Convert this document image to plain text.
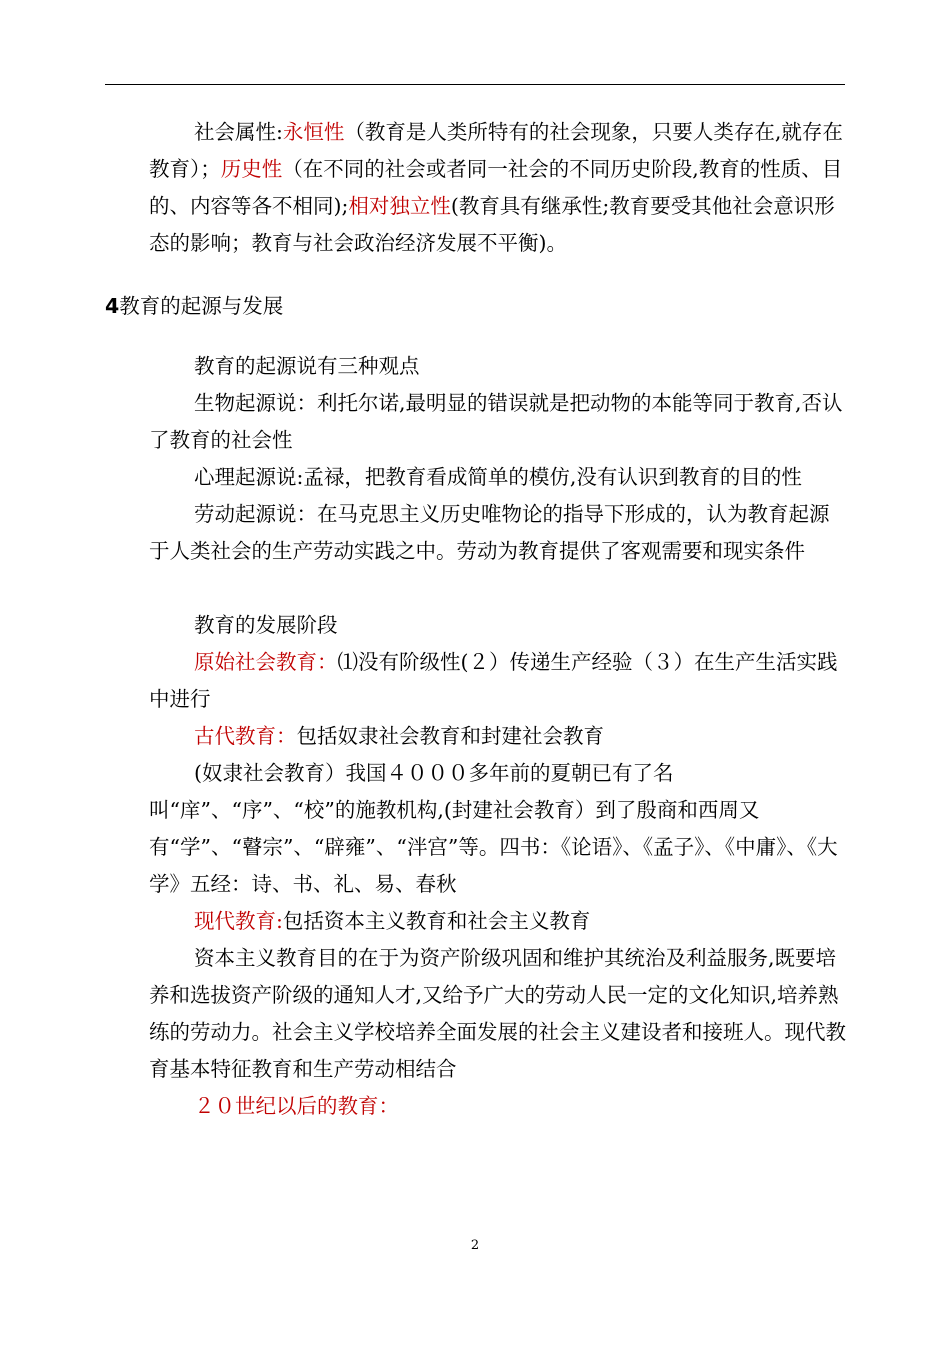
社会属性:永恒性（教育是人类所特有的社会现象，只要人类存在,就存在教育）；历史性（在不同的社会或者同一社会的不同历史阶段,教育的性质、目的、内容等各不相同);相对独立性(教育具有继承性;教育要受其他社会意识形态的影响；教育与社会政治经济发展不平衡)。

4教育的起源与发展

教育的起源说有三种观点

生物起源说：利托尔诺,最明显的错误就是把动物的本能等同于教育,否认了教育的社会性

心理起源说:孟禄，把教育看成简单的模仿,没有认识到教育的目的性

劳动起源说：在马克思主义历史唯物论的指导下形成的，认为教育起源于人类社会的生产劳动实践之中。劳动为教育提供了客观需要和现实条件

教育的发展阶段

原始社会教育：⑴没有阶级性(２）传递生产经验（３）在生产生活实践中进行

古代教育：包括奴隶社会教育和封建社会教育

(奴隶社会教育）我国４０００多年前的夏朝已有了名叫“庠”、“序”、“校”的施教机构,(封建社会教育）到了殷商和西周又有“学”、“瞽宗”、“辟雍”、“泮宫”等。四书：《论语》、《孟子》、《中庸》、《大学》五经：诗、书、礼、易、春秋

现代教育:包括资本主义教育和社会主义教育

资本主义教育目的在于为资产阶级巩固和维护其统治及利益服务,既要培养和选拔资产阶级的通知人才,又给予广大的劳动人民一定的文化知识,培养熟练的劳动力。社会主义学校培养全面发展的社会主义建设者和接班人。现代教育基本特征教育和生产劳动相结合

２０世纪以后的教育：

2
